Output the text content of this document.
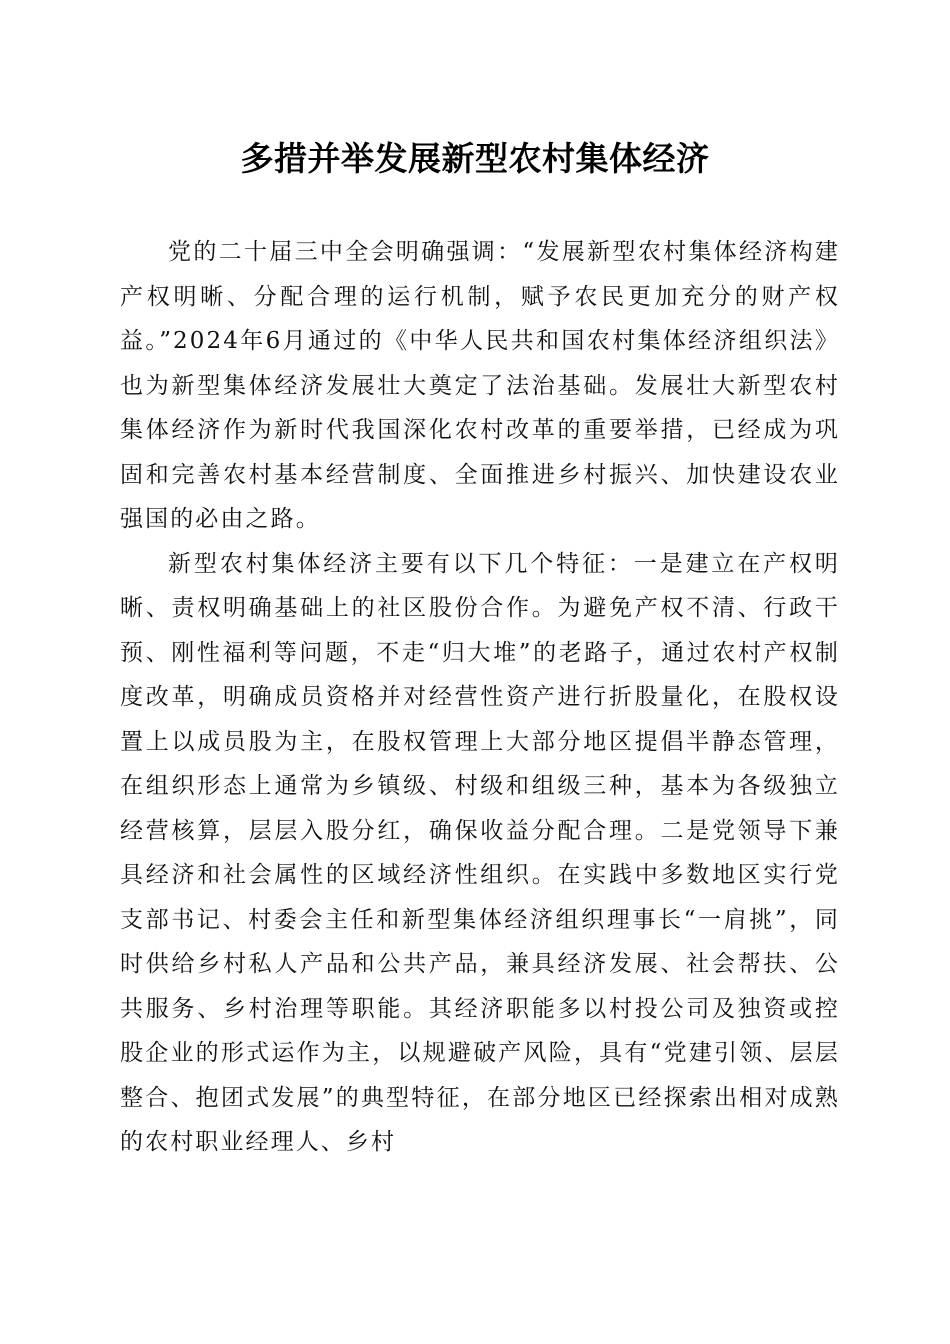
多措并举发展新型农村集体经济

党的二十届三中全会明确强调：“发展新型农村集体经济构建产权明晰、分配合理的运行机制，赋予农民更加充分的财产权益。”2024年6月通过的《中华人民共和国农村集体经济组织法》也为新型集体经济发展壮大奠定了法治基础。发展壮大新型农村集体经济作为新时代我国深化农村改革的重要举措，已经成为巩固和完善农村基本经营制度、全面推进乡村振兴、加快建设农业强国的必由之路。

新型农村集体经济主要有以下几个特征：一是建立在产权明晰、责权明确基础上的社区股份合作。为避免产权不清、行政干预、刚性福利等问题，不走“归大堆”的老路子，通过农村产权制度改革，明确成员资格并对经营性资产进行折股量化，在股权设置上以成员股为主，在股权管理上大部分地区提倡半静态管理，在组织形态上通常为乡镇级、村级和组级三种，基本为各级独立经营核算，层层入股分红，确保收益分配合理。二是党领导下兼具经济和社会属性的区域经济性组织。在实践中多数地区实行党支部书记、村委会主任和新型集体经济组织理事长“一肩挑”，同时供给乡村私人产品和公共产品，兼具经济发展、社会帮扶、公共服务、乡村治理等职能。其经济职能多以村投公司及独资或控股企业的形式运作为主，以规避破产风险，具有“党建引领、层层整合、抱团式发展”的典型特征，在部分地区已经探索出相对成熟的农村职业经理人、乡村
